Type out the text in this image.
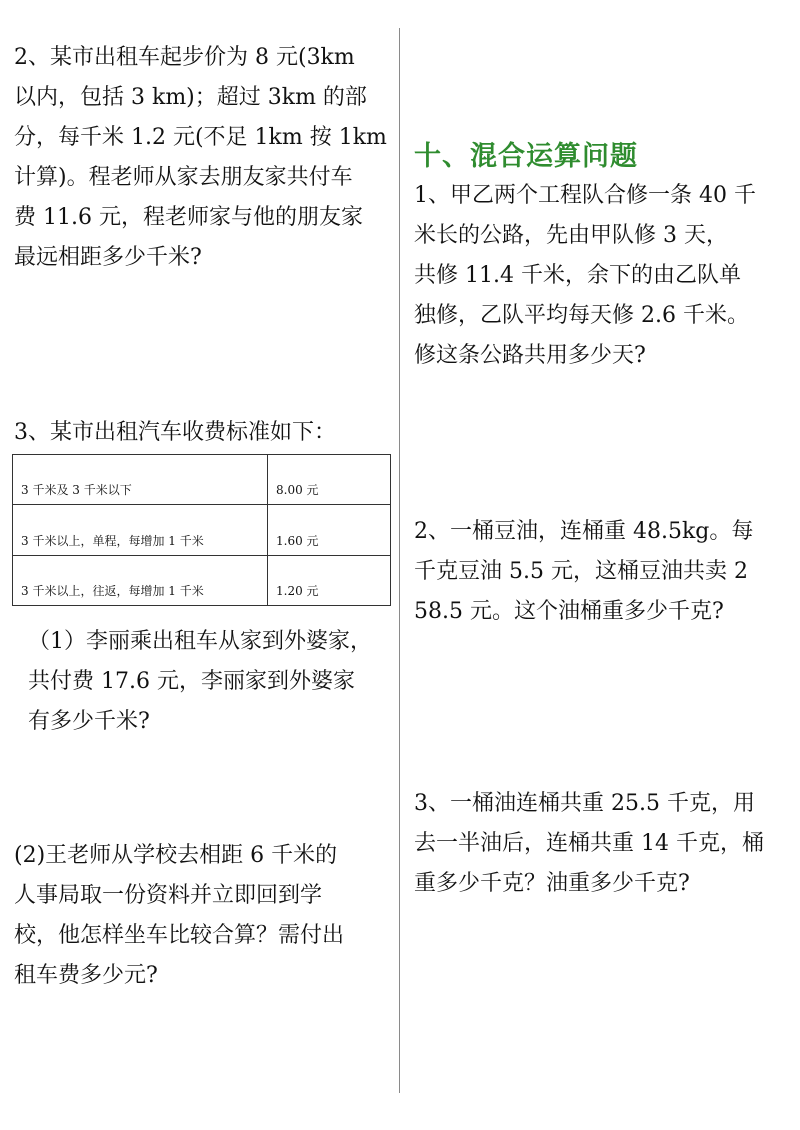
2、某市出租车起步价为 8 元(3km
以内，包括 3 km)；超过 3km 的部
分，每千米 1.2 元(不足 1km 按 1km
计算)。程老师从家去朋友家共付车
费 11.6 元，程老师家与他的朋友家
最远相距多少千米?
3、某市出租汽车收费标准如下：
3 千米及 3 千米以下	8.00 元
3 千米以上，单程，每增加 1 千米	1.60 元
3 千米以上，往返，每增加 1 千米	1.20 元
（1）李丽乘出租车从家到外婆家，
共付费 17.6 元，李丽家到外婆家
有多少千米?
(2)王老师从学校去相距 6 千米的
人事局取一份资料并立即回到学
校，他怎样坐车比较合算？需付出
租车费多少元?
十、混合运算问题
1、甲乙两个工程队合修一条 40 千
米长的公路，先由甲队修 3 天，
共修 11.4 千米，余下的由乙队单
独修，乙队平均每天修 2.6 千米。
修这条公路共用多少天?
2、一桶豆油，连桶重 48.5kg。每
千克豆油 5.5 元，这桶豆油共卖 2
58.5 元。这个油桶重多少千克?
3、一桶油连桶共重 25.5 千克，用
去一半油后，连桶共重 14 千克，桶
重多少千克？油重多少千克?
